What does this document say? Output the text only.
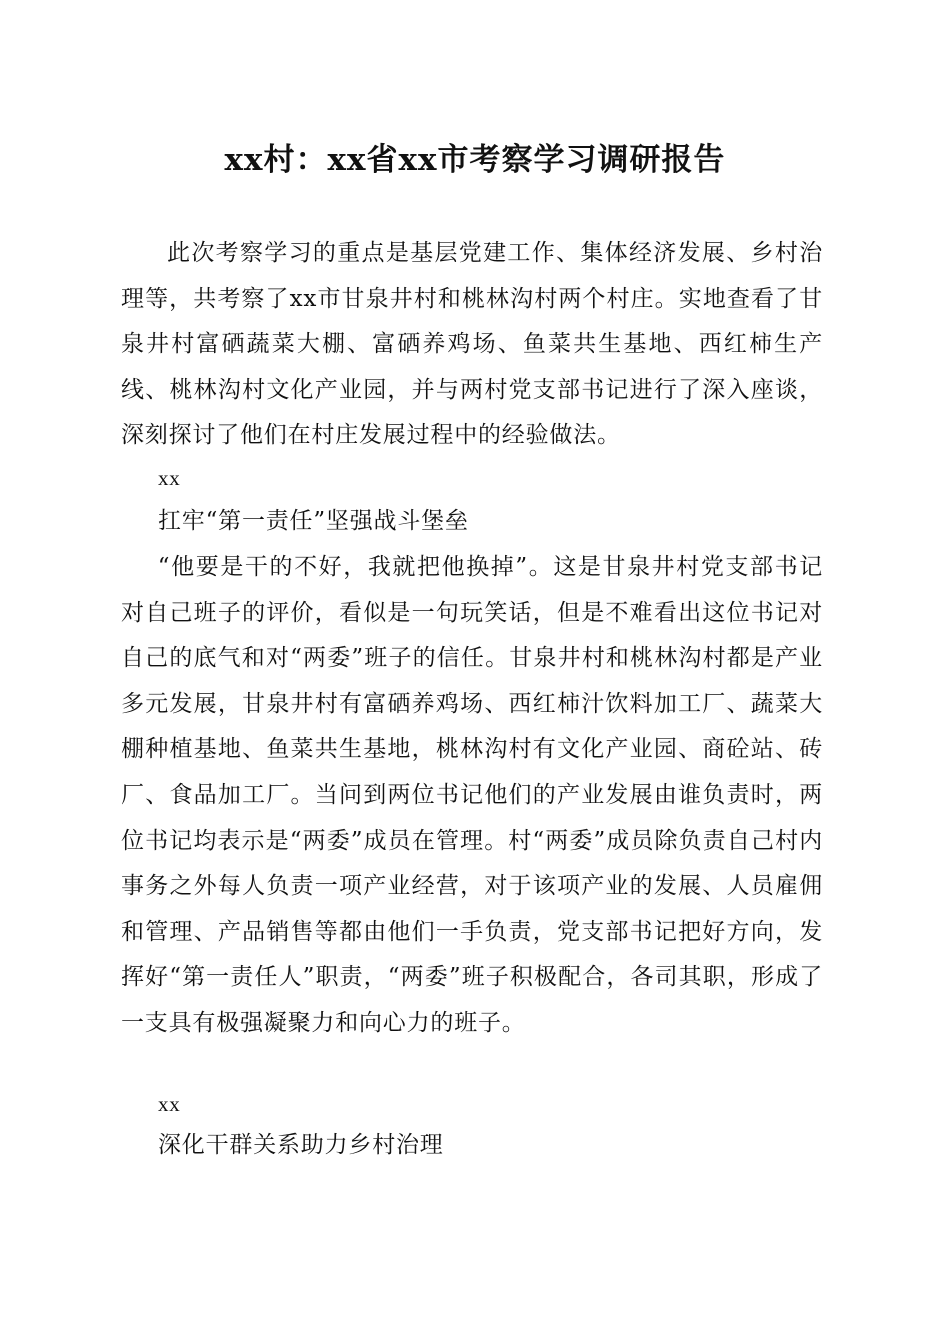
xx村：xx省xx市考察学习调研报告

此次考察学习的重点是基层党建工作、集体经济发展、乡村治理等，共考察了xx市甘泉井村和桃林沟村两个村庄。实地查看了甘泉井村富硒蔬菜大棚、富硒养鸡场、鱼菜共生基地、西红柿生产线、桃林沟村文化产业园，并与两村党支部书记进行了深入座谈，深刻探讨了他们在村庄发展过程中的经验做法。

xx

扛牢“第一责任”坚强战斗堡垒

“他要是干的不好，我就把他换掉”。这是甘泉井村党支部书记对自己班子的评价，看似是一句玩笑话，但是不难看出这位书记对自己的底气和对“两委”班子的信任。甘泉井村和桃林沟村都是产业多元发展，甘泉井村有富硒养鸡场、西红柿汁饮料加工厂、蔬菜大棚种植基地、鱼菜共生基地，桃林沟村有文化产业园、商砼站、砖厂、食品加工厂。当问到两位书记他们的产业发展由谁负责时，两位书记均表示是“两委”成员在管理。村“两委”成员除负责自己村内事务之外每人负责一项产业经营，对于该项产业的发展、人员雇佣和管理、产品销售等都由他们一手负责，党支部书记把好方向，发挥好“第一责任人”职责，“两委”班子积极配合，各司其职，形成了一支具有极强凝聚力和向心力的班子。

xx

深化干群关系助力乡村治理
